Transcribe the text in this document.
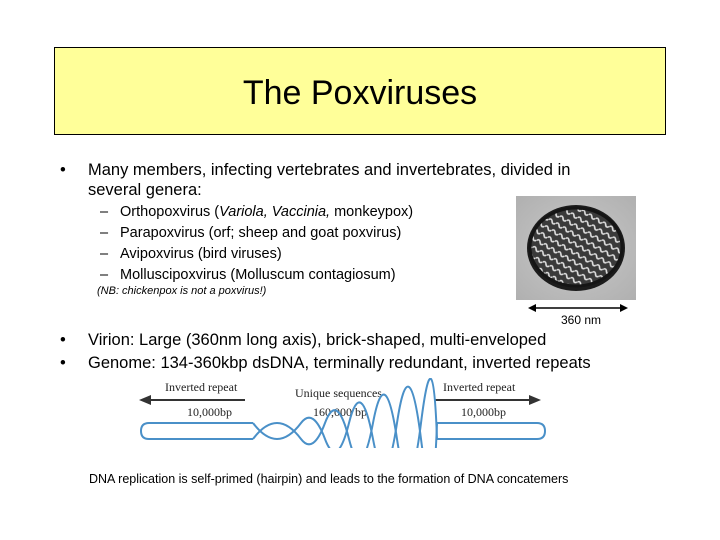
The Poxviruses
• Many members, infecting vertebrates and invertebrates, divided in
several genera:
– Orthopoxvirus (Variola, Vaccinia, monkeypox)
– Parapoxvirus (orf; sheep and goat poxvirus)
– Avipoxvirus (bird viruses)
– Molluscipoxvirus (Molluscum contagiosum)
(NB: chickenpox is not a poxvirus!)
360 nm
• Virion: Large (360nm long axis), brick-shaped, multi-enveloped
• Genome: 134-360kbp dsDNA, terminally redundant, inverted repeats
Inverted repeat	Unique sequences	Inverted repeat
10,000bp	160,000 bp	10,000bp
DNA replication is self-primed (hairpin) and leads to the formation of DNA concatemers
